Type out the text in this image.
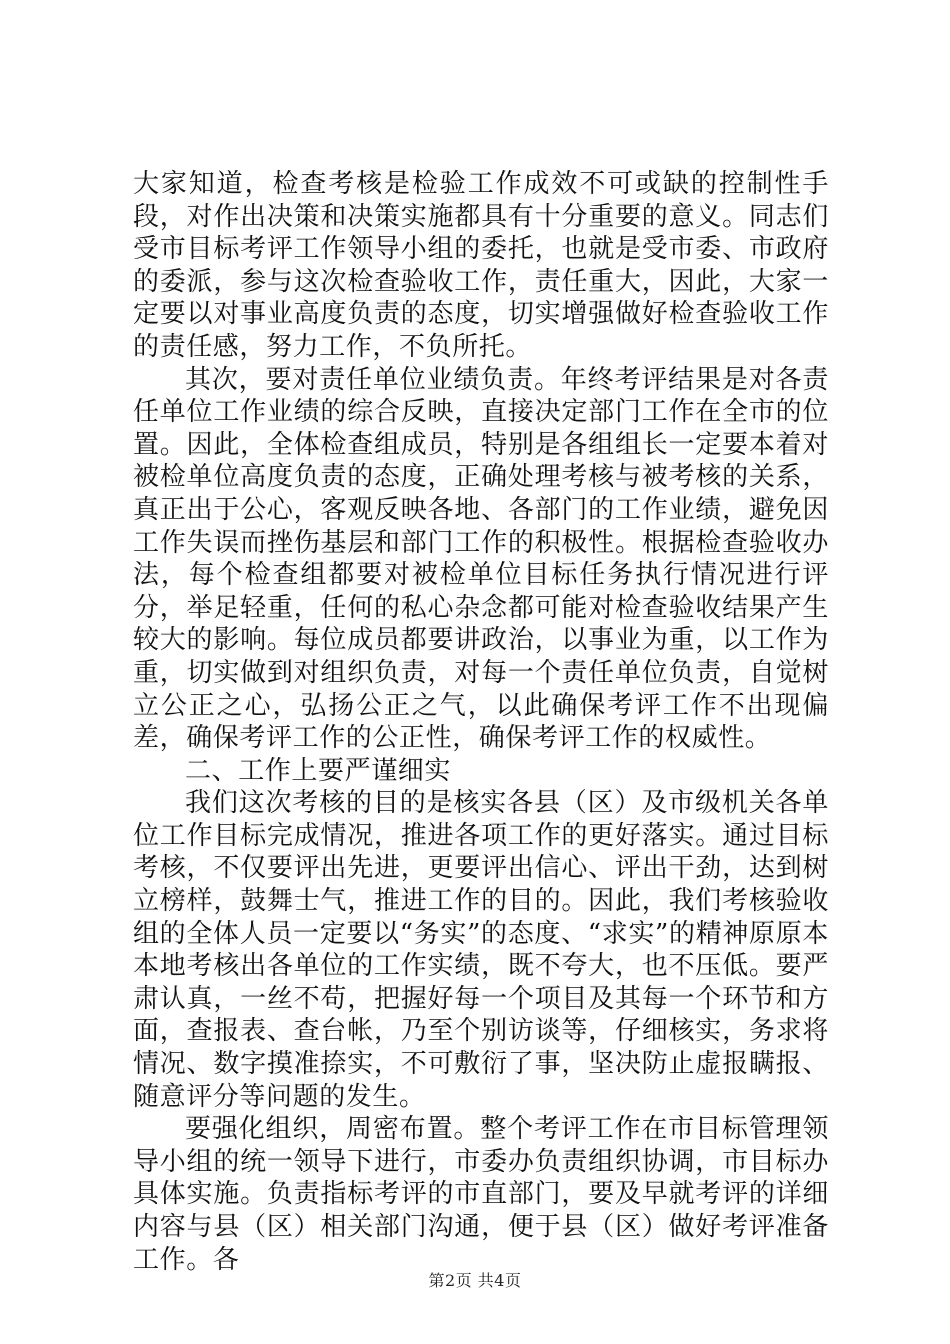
大家知道，检查考核是检验工作成效不可或缺的控制性手段，对作出决策和决策实施都具有十分重要的意义。同志们受市目标考评工作领导小组的委托，也就是受市委、市政府的委派，参与这次检查验收工作，责任重大，因此，大家一定要以对事业高度负责的态度，切实增强做好检查验收工作的责任感，努力工作，不负所托。

其次，要对责任单位业绩负责。年终考评结果是对各责任单位工作业绩的综合反映，直接决定部门工作在全市的位置。因此，全体检查组成员，特别是各组组长一定要本着对被检单位高度负责的态度，正确处理考核与被考核的关系，真正出于公心，客观反映各地、各部门的工作业绩，避免因工作失误而挫伤基层和部门工作的积极性。根据检查验收办法，每个检查组都要对被检单位目标任务执行情况进行评分，举足轻重，任何的私心杂念都可能对检查验收结果产生较大的影响。每位成员都要讲政治，以事业为重，以工作为重，切实做到对组织负责，对每一个责任单位负责，自觉树立公正之心，弘扬公正之气，以此确保考评工作不出现偏差，确保考评工作的公正性，确保考评工作的权威性。

二、工作上要严谨细实

我们这次考核的目的是核实各县（区）及市级机关各单位工作目标完成情况，推进各项工作的更好落实。通过目标考核，不仅要评出先进，更要评出信心、评出干劲，达到树立榜样，鼓舞士气，推进工作的目的。因此，我们考核验收组的全体人员一定要以“务实”的态度、“求实”的精神原原本本地考核出各单位的工作实绩，既不夸大，也不压低。要严肃认真，一丝不苟，把握好每一个项目及其每一个环节和方面，查报表、查台帐，乃至个别访谈等，仔细核实，务求将情况、数字摸准捺实，不可敷衍了事，坚决防止虚报瞒报、随意评分等问题的发生。

要强化组织，周密布置。整个考评工作在市目标管理领导小组的统一领导下进行，市委办负责组织协调，市目标办具体实施。负责指标考评的市直部门，要及早就考评的详细内容与县（区）相关部门沟通，便于县（区）做好考评准备工作。各

第2页 共4页
